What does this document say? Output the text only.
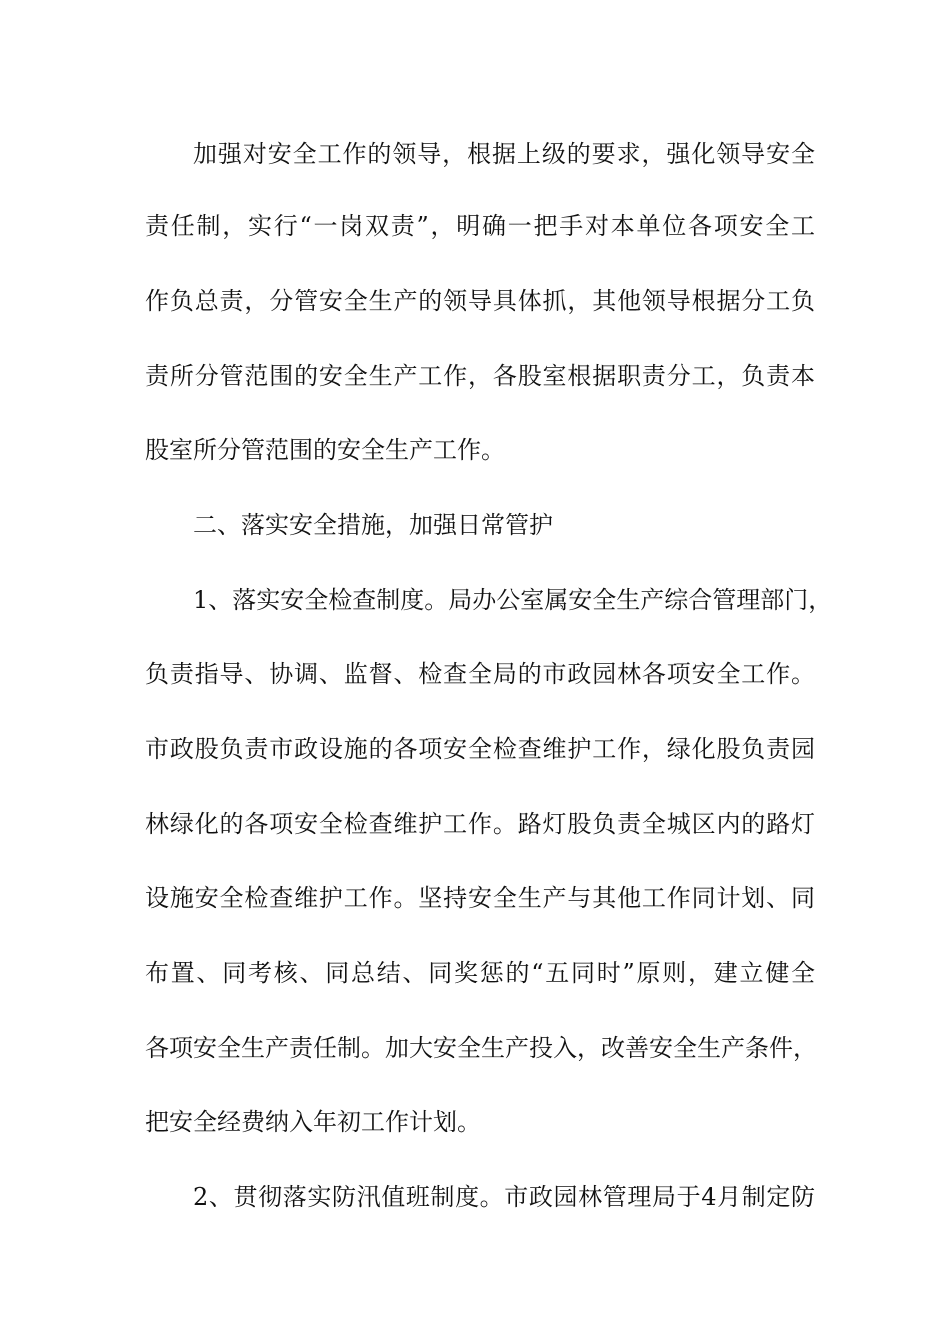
加强对安全工作的领导，根据上级的要求，强化领导安全
责任制，实行“一岗双责”，明确一把手对本单位各项安全工
作负总责，分管安全生产的领导具体抓，其他领导根据分工负
责所分管范围的安全生产工作，各股室根据职责分工，负责本
股室所分管范围的安全生产工作。
二、落实安全措施，加强日常管护
1、落实安全检查制度。局办公室属安全生产综合管理部门，
负责指导、协调、监督、检查全局的市政园林各项安全工作。
市政股负责市政设施的各项安全检查维护工作，绿化股负责园
林绿化的各项安全检查维护工作。路灯股负责全城区内的路灯
设施安全检查维护工作。坚持安全生产与其他工作同计划、同
布置、同考核、同总结、同奖惩的“五同时”原则，建立健全
各项安全生产责任制。加大安全生产投入，改善安全生产条件，
把安全经费纳入年初工作计划。
2、贯彻落实防汛值班制度。市政园林管理局于4月制定防
